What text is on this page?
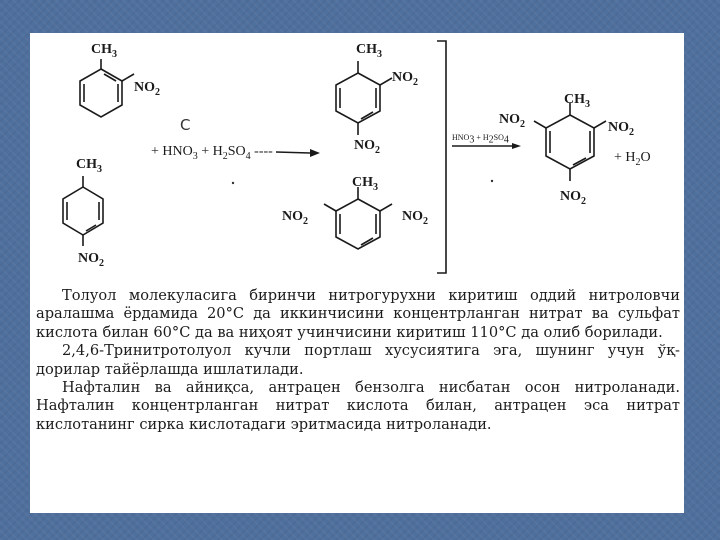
C
$CH_3$
$NO_2$
$CH_3$
$NO_2$
+ $HNO_3 + H_2SO_4$ ----
$CH_3$
$NO_2$
$NO_2$
$CH_3$
$NO_2$	$NO_2$
$HNO_3 + H_2SO_4$
$CH_3$
$NO_2$	$NO_2$
$NO_2$
+ $H_2O$

Толуол молекуласига биринчи нитрогурухни киритиш оддий нитроловчи аралашма ёрдамида 20°С да иккинчисини концентрланган нитрат ва сульфат кислота билан 60°С да ва ниҳоят учинчисини киритиш 110°С да олиб борилади.

2,4,6-Тринитротолуол кучли портлаш хусусиятига эга, шунинг учун ўқ-дорилар тайёрлашда ишлатилади.

Нафталин ва айниқса, антрацен бензолга нисбатан осон нитроланади. Нафталин концентрланган нитрат кислота билан, антрацен эса нитрат кислотанинг сирка кислотадаги эритмасида нитроланади.
